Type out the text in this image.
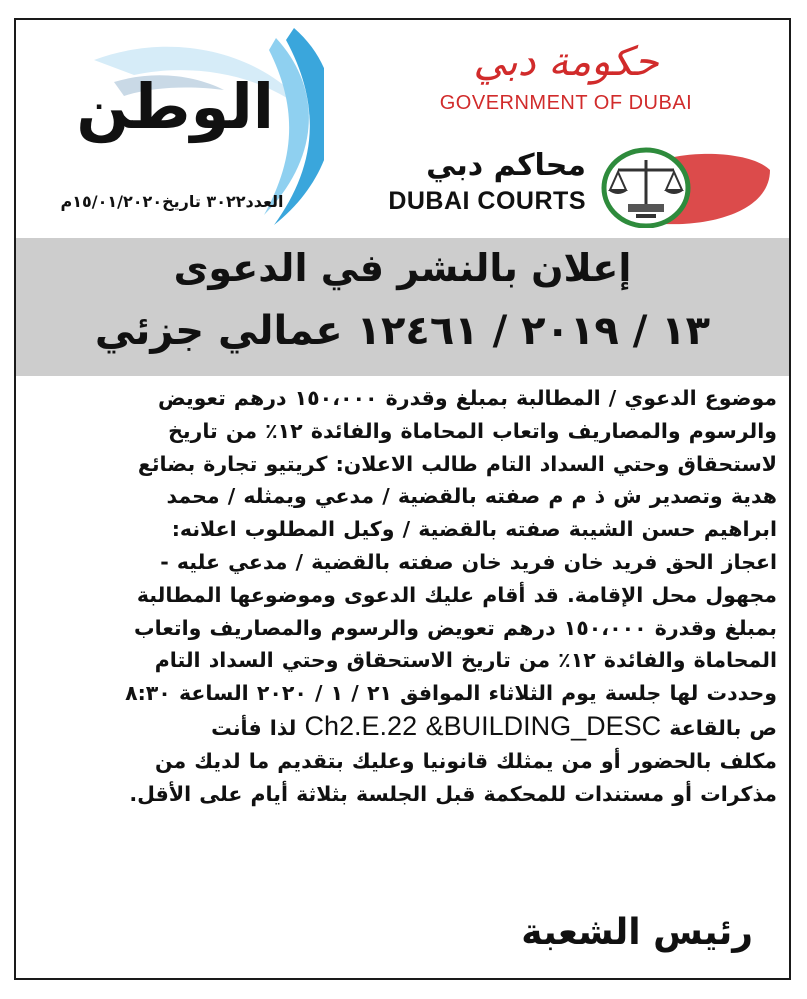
الوطن
العدد٣٠٢٢ تاريخ١٥/٠١/٢٠٢٠م
حكومة دبي
GOVERNMENT OF DUBAI
محاكم دبي
DUBAI COURTS
إعلان بالنشر في الدعوى
١٣ / ٢٠١٩ / ١٢٤٦١ عمالي جزئي
موضوع الدعوي / المطالبة بمبلغ وقدرة ١٥٠،٠٠٠ درهم تعويض
والرسوم والمصاريف واتعاب المحاماة والفائدة ١٢٪ من تاريخ
لاستحقاق وحتي السداد التام طالب الاعلان: كريتيو تجارة بضائع
هدية وتصدير ش ذ م م صفته بالقضية / مدعي ويمثله / محمد
ابراهيم حسن الشيبة صفته بالقضية / وكيل المطلوب اعلانه:
اعجاز الحق فريد خان فريد خان صفته بالقضية / مدعي عليه -
مجهول محل الإقامة. قد أقام عليك الدعوى وموضوعها المطالبة
بمبلغ وقدرة ١٥٠،٠٠٠ درهم تعويض والرسوم والمصاريف واتعاب
المحاماة والفائدة ١٢٪ من تاريخ الاستحقاق وحتي السداد التام
وحددت لها جلسة يوم الثلاثاء الموافق ٢١ / ١ / ٢٠٢٠ الساعة ٨:٣٠
ص بالقاعة Ch2.E.22 &BUILDING_DESC لذا فأنت
مكلف بالحضور أو من يمثلك قانونيا وعليك بتقديم ما لديك من
مذكرات أو مستندات للمحكمة قبل الجلسة بثلاثة أيام على الأقل.
رئيس الشعبة
